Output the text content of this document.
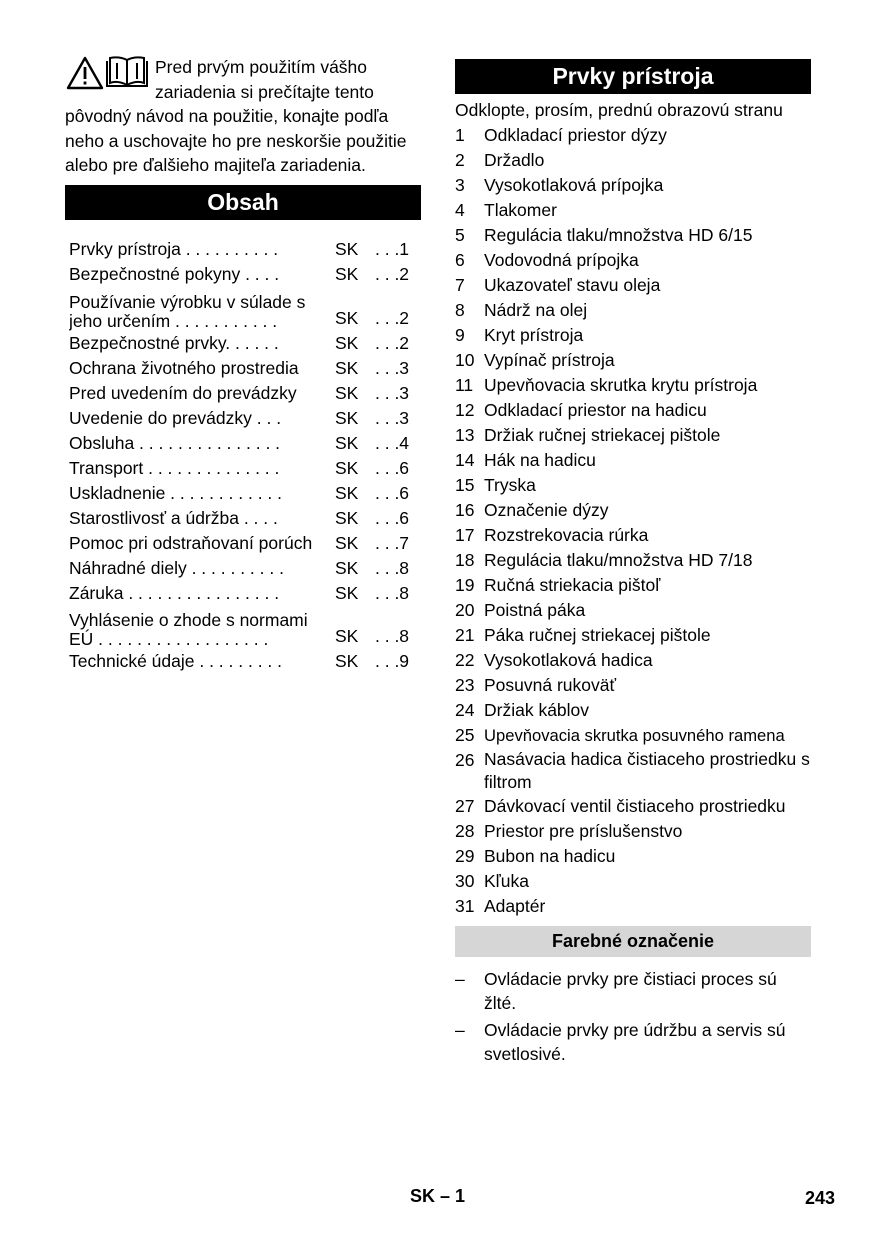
Pred prvým použitím vášho zariadenia si prečítajte tento pôvodný návod na použitie, konajte podľa neho a uschovajte ho pre neskoršie použitie alebo pre ďalšieho majiteľa zariadenia.

Obsah
Prvky prístroja . . . . . . . . . .	SK . . .1
Bezpečnostné pokyny . . . .	SK . . .2
Používanie výrobku v súlade s jeho určením . . . . . . . . . . .	SK . . .2
Bezpečnostné prvky. . . . . .	SK . . .2
Ochrana životného prostredia	SK . . .3
Pred uvedením do prevádzky	SK . . .3
Uvedenie do prevádzky . . .	SK . . .3
Obsluha . . . . . . . . . . . . . . .	SK . . .4
Transport . . . . . . . . . . . . . .	SK . . .6
Uskladnenie . . . . . . . . . . . .	SK . . .6
Starostlivosť a údržba . . . .	SK . . .6
Pomoc pri odstraňovaní porúch	SK . . .7
Náhradné diely . . . . . . . . . .	SK . . .8
Záruka . . . . . . . . . . . . . . . .	SK . . .8
Vyhlásenie o zhode s normami EÚ . . . . . . . . . . . . . . . . . .	SK . . .8
Technické údaje . . . . . . . . .	SK . . .9
Prvky prístroja
Odklopte, prosím, prednú obrazovú stranu
1	Odkladací priestor dýzy
2	Držadlo
3	Vysokotlaková prípojka
4	Tlakomer
5	Regulácia tlaku/množstva HD 6/15
6	Vodovodná prípojka
7	Ukazovateľ stavu oleja
8	Nádrž na olej
9	Kryt prístroja
10 Vypínač prístroja
11 Upevňovacia skrutka krytu prístroja
12 Odkladací priestor na hadicu
13 Držiak ručnej striekacej pištole
14 Hák na hadicu
15 Tryska
16 Označenie dýzy
17 Rozstrekovacia rúrka
18 Regulácia tlaku/množstva HD 7/18
19 Ručná striekacia pištoľ
20 Poistná páka
21 Páka ručnej striekacej pištole
22 Vysokotlaková hadica
23 Posuvná rukoväť
24 Držiak káblov
25 Upevňovacia skrutka posuvného ramena
26 Nasávacia hadica čistiaceho prostriedku s filtrom
27 Dávkovací ventil čistiaceho prostriedku
28 Priestor pre príslušenstvo
29 Bubon na hadicu
30 Kľuka
31 Adaptér
Farebné označenie
–	Ovládacie prvky pre čistiaci proces sú žlté.
–	Ovládacie prvky pre údržbu a servis sú svetlosivé.
SK – 1	243
